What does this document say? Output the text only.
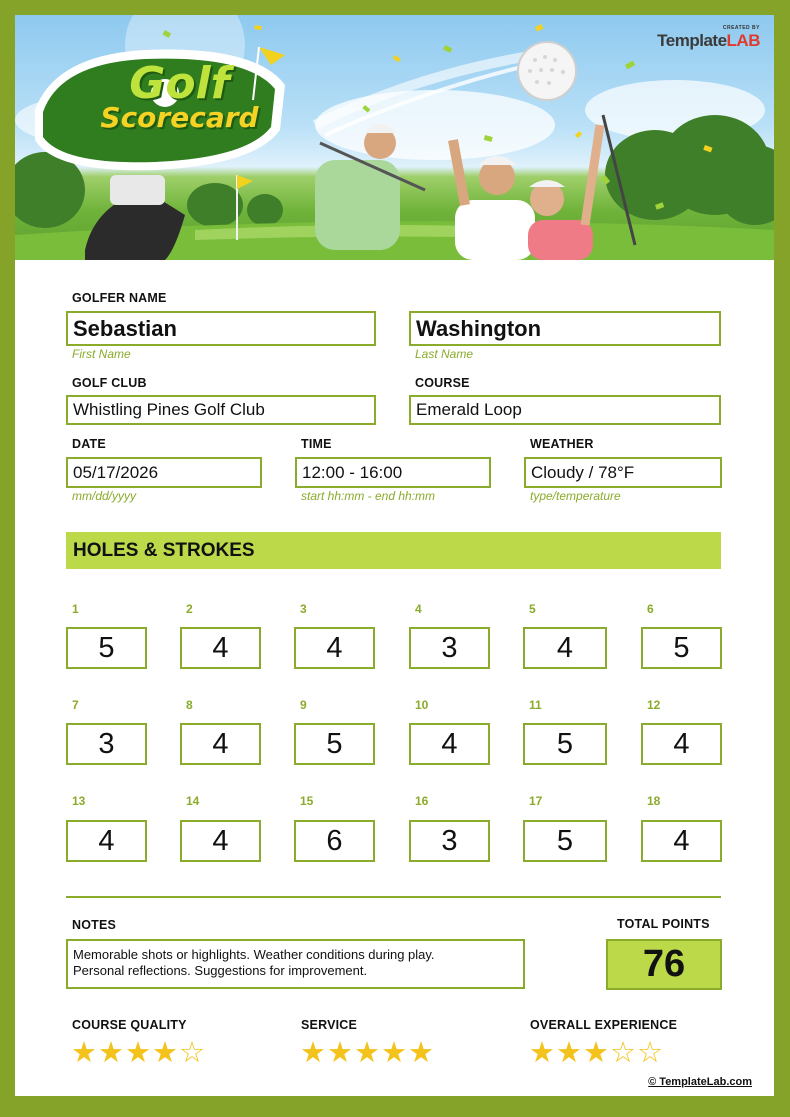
Golf
Scorecard
CREATED BY
TemplateLAB
GOLFER NAME
Sebastian
First Name
Washington
Last Name
GOLF CLUB
Whistling Pines Golf Club
COURSE
Emerald Loop
DATE
05/17/2026
mm/dd/yyyy
TIME
12:00 - 16:00
start hh:mm - end hh:mm
WEATHER
Cloudy / 78°F
type/temperature
HOLES & STROKES
1
5
2
4
3
4
4
3
5
4
6
5
7
3
8
4
9
5
10
4
11
5
12
4
13
4
14
4
15
6
16
3
17
5
18
4
NOTES
Memorable shots or highlights. Weather conditions during play.
Personal reflections. Suggestions for improvement.
TOTAL POINTS
76
COURSE QUALITY
★★★★☆
SERVICE
★★★★★
OVERALL EXPERIENCE
★★★☆☆
© TemplateLab.com
